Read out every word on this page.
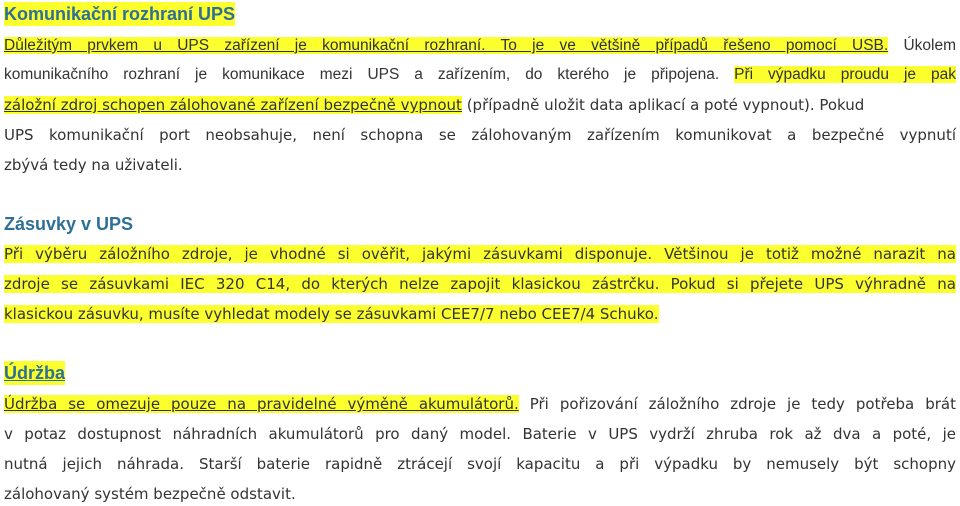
Komunikační rozhraní UPS
Důležitým prvkem u UPS zařízení je komunikační rozhraní. To je ve většině případů řešeno pomocí USB. Úkolem
komunikačního rozhraní je komunikace mezi UPS a zařízením, do kterého je připojena. Při výpadku proudu je pak
záložní zdroj schopen zálohované zařízení bezpečně vypnout (případně uložit data aplikací a poté vypnout). Pokud
UPS komunikační port neobsahuje, není schopna se zálohovaným zařízením komunikovat a bezpečné vypnutí
zbývá tedy na uživateli.
Zásuvky v UPS
Při výběru záložního zdroje, je vhodné si ověřit, jakými zásuvkami disponuje. Většinou je totiž možné narazit na
zdroje se zásuvkami IEC 320 C14, do kterých nelze zapojit klasickou zástrčku. Pokud si přejete UPS výhradně na
klasickou zásuvku, musíte vyhledat modely se zásuvkami CEE7/7 nebo CEE7/4 Schuko.
Údržba
Údržba se omezuje pouze na pravidelné výměně akumulátorů. Při pořizování záložního zdroje je tedy potřeba brát
v potaz dostupnost náhradních akumulátorů pro daný model. Baterie v UPS vydrží zhruba rok až dva a poté, je
nutná jejich náhrada. Starší baterie rapidně ztrácejí svojí kapacitu a při výpadku by nemusely být schopny
zálohovaný systém bezpečně odstavit.
